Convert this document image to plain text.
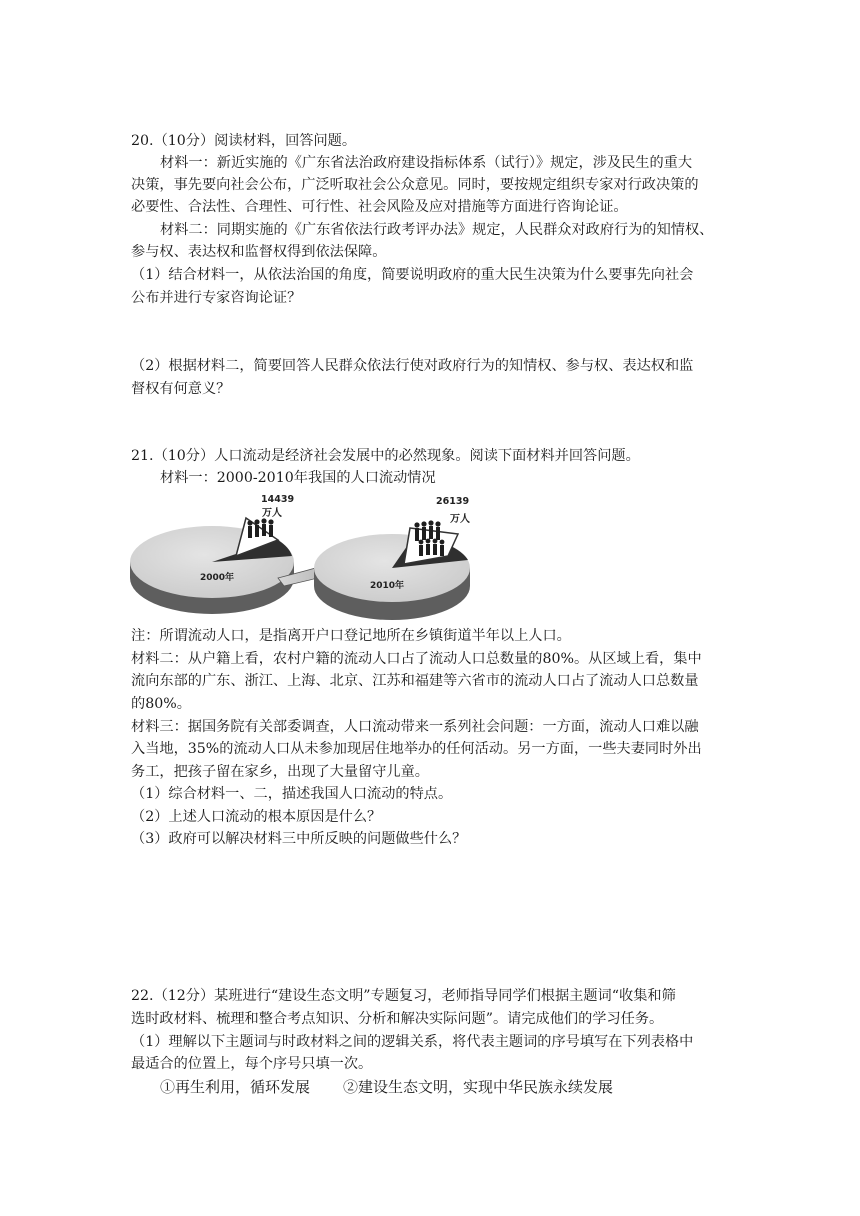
20.（10分）阅读材料，回答问题。
材料一：新近实施的《广东省法治政府建设指标体系（试行）》规定，涉及民生的重大
决策，事先要向社会公布，广泛听取社会公众意见。同时，要按规定组织专家对行政决策的
必要性、合法性、合理性、可行性、社会风险及应对措施等方面进行咨询论证。
材料二：同期实施的《广东省依法行政考评办法》规定，人民群众对政府行为的知情权、
参与权、表达权和监督权得到依法保障。
（1）结合材料一，从依法治国的角度，简要说明政府的重大民生决策为什么要事先向社会
公布并进行专家咨询论证？
（2）根据材料二，简要回答人民群众依法行使对政府行为的知情权、参与权、表达权和监
督权有何意义？
21.（10分）人口流动是经济社会发展中的必然现象。阅读下面材料并回答问题。
材料一：2000-2010年我国的人口流动情况
2000年
14439
万人
2010年
26139
万人
注：所谓流动人口，是指离开户口登记地所在乡镇街道半年以上人口。
材料二：从户籍上看，农村户籍的流动人口占了流动人口总数量的80%。从区域上看，集中
流向东部的广东、浙江、上海、北京、江苏和福建等六省市的流动人口占了流动人口总数量
的80%。
材料三：据国务院有关部委调查，人口流动带来一系列社会问题：一方面，流动人口难以融
入当地，35%的流动人口从未参加现居住地举办的任何活动。另一方面，一些夫妻同时外出
务工，把孩子留在家乡，出现了大量留守儿童。
（1）综合材料一、二，描述我国人口流动的特点。
（2）上述人口流动的根本原因是什么？
（3）政府可以解决材料三中所反映的问题做些什么？
22.（12分）某班进行“建设生态文明”专题复习，老师指导同学们根据主题词“收集和筛
选时政材料、梳理和整合考点知识、分析和解决实际问题”。请完成他们的学习任务。
（1）理解以下主题词与时政材料之间的逻辑关系，将代表主题词的序号填写在下列表格中
最适合的位置上，每个序号只填一次。
①再生利用，循环发展 ②建设生态文明，实现中华民族永续发展
